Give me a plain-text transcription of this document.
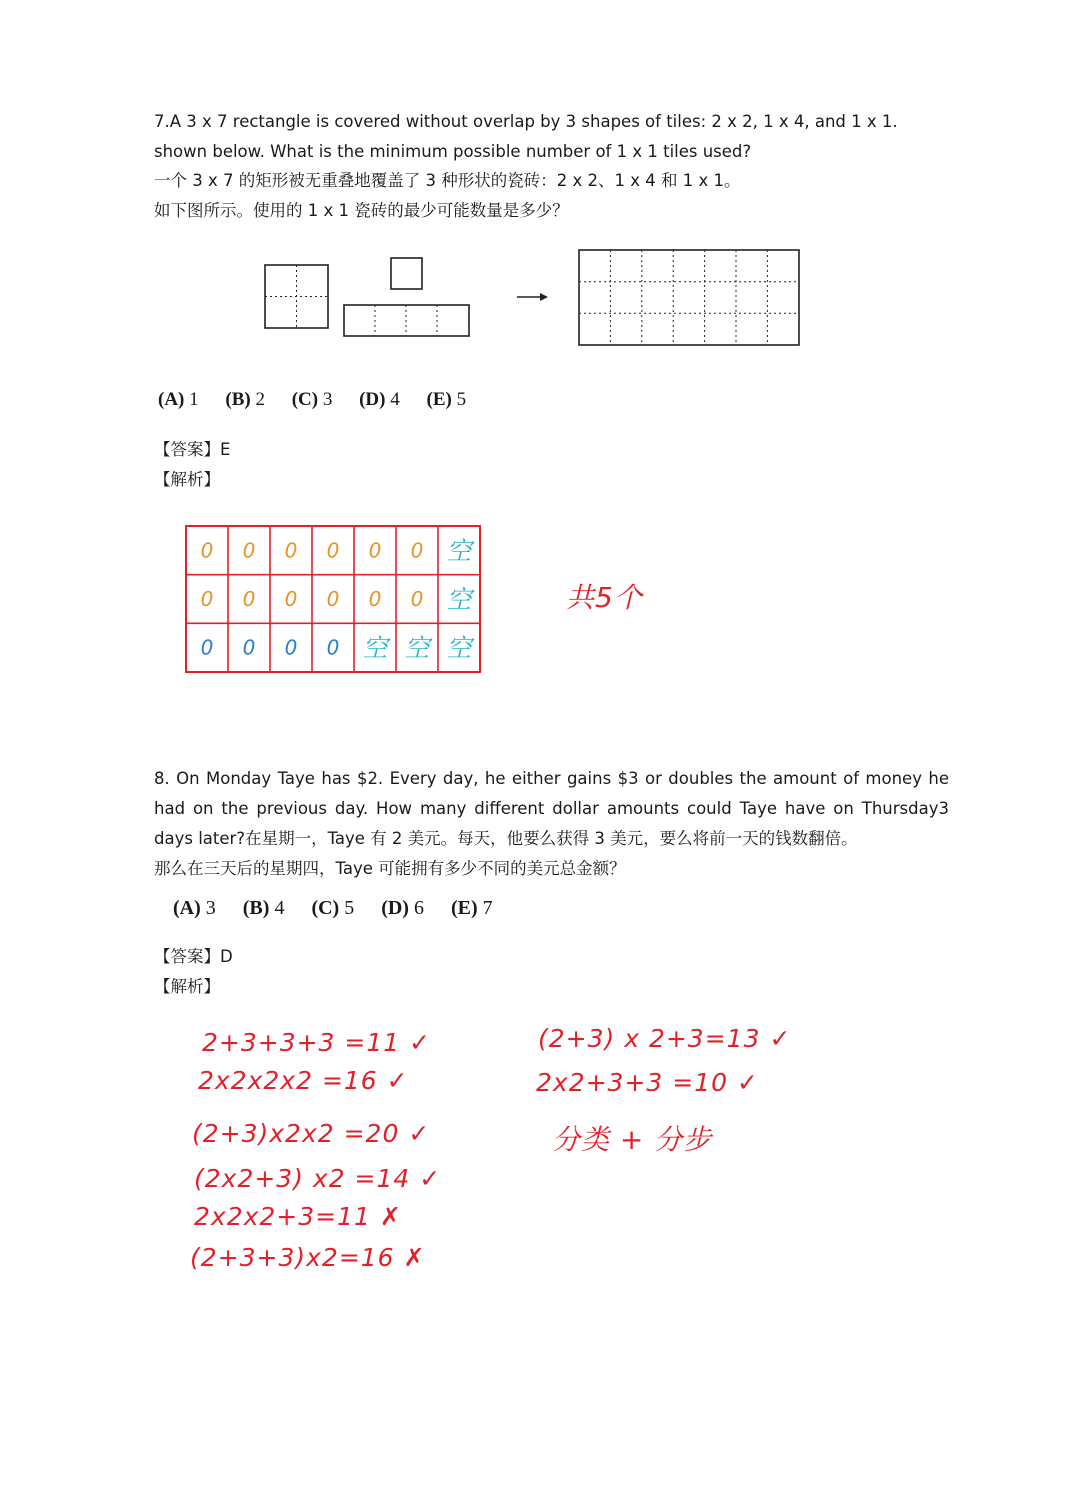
7.A 3 x 7 rectangle is covered without overlap by 3 shapes of tiles: 2 x 2, 1 x 4, and 1 x 1.
shown below. What is the minimum possible number of 1 x 1 tiles used?
一个 3 x 7 的矩形被无重叠地覆盖了 3 种形状的瓷砖：2 x 2、1 x 4 和 1 x 1。
如下图所示。使用的 1 x 1 瓷砖的最少可能数量是多少？
(A) 1 (B) 2 (C) 3 (D) 4 (E) 5
【答案】E
【解析】
0 0 0 0 0 0 空
0 0 0 0 0 0 空
0 0 0 0 空 空 空
共5个
8. On Monday Taye has $2. Every day, he either gains $3 or doubles the amount of money he had on the previous day. How many different dollar amounts could Taye have on Thursday3 days later?在星期一，Taye 有 2 美元。每天，他要么获得 3 美元，要么将前一天的钱数翻倍。
那么在三天后的星期四，Taye 可能拥有多少不同的美元总金额？
(A) 3 (B) 4 (C) 5 (D) 6 (E) 7
【答案】D
【解析】
2+3+3+3 =11 ✓
2x2x2x2 =16 ✓
(2+3)x2x2 =20 ✓
(2x2+3) x2 =14 ✓
2x2x2+3=11 ✗
(2+3+3)x2=16 ✗
(2+3) x 2+3=13 ✓
2x2+3+3 =10 ✓
分类 + 分步
